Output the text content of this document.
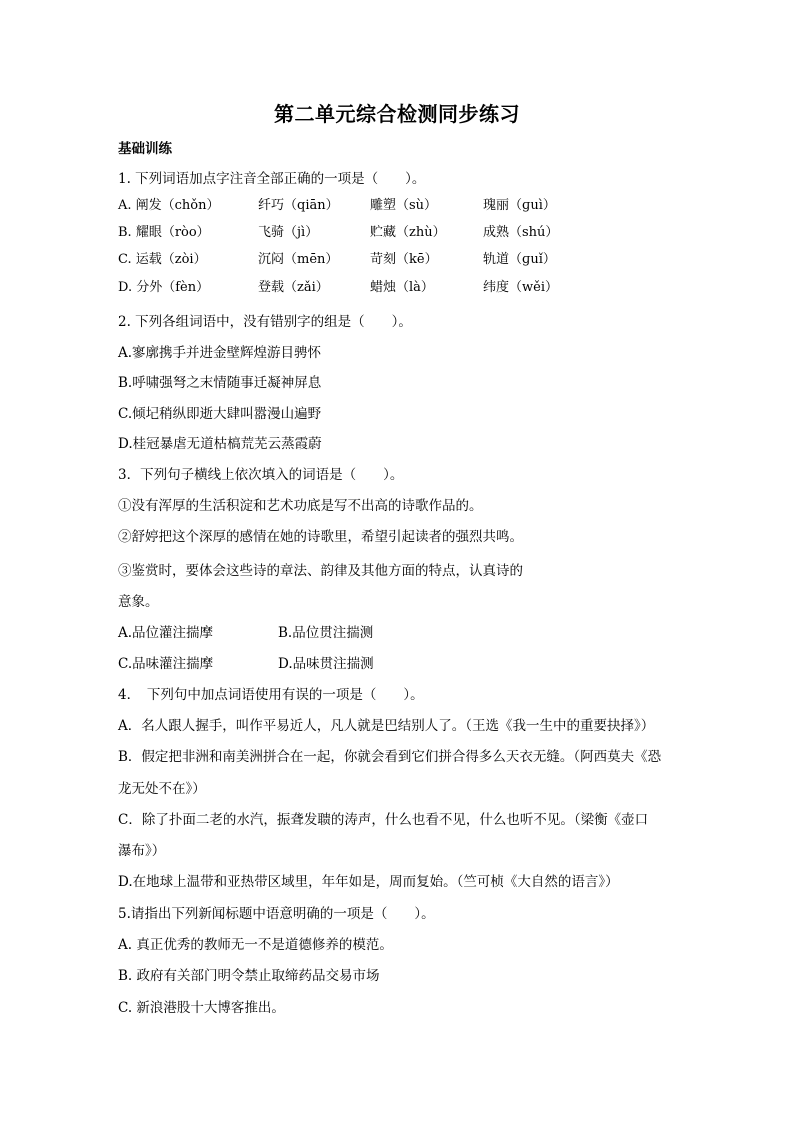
第二单元综合检测同步练习
基础训练
1. 下列词语加点字注音全部正确的一项是（　　）。
A. 阐发（chǒn）	纤巧（qiān） 雕塑（sù）	瑰丽（ɡuì）
B. 耀眼（ròo）	飞骑（jì）	贮藏（zhù）	成熟（shú）
C. 运载（zòi）	沉闷（mēn） 苛刻（kē）	轨道（ɡuǐ）
D. 分外（fèn）	登载（zǎi）	蜡烛（là）	纬度（wěi）
2. 下列各组词语中，没有错别字的组是（　　）。
A.寥廓携手并进金壁辉煌游目骋怀
B.呼啸强弩之末情随事迁凝神屏息
C.倾圮稍纵即逝大肆叫嚣漫山遍野
D.桂冠暴虐无道枯槁荒芜云蒸霞蔚
3．下列句子横线上依次填入的词语是（　　）。
①没有浑厚的生活积淀和艺术功底是写不出高的诗歌作品的。
②舒婷把这个深厚的感情在她的诗歌里，希望引起读者的强烈共鸣。
③鉴赏时，要体会这些诗的章法、韵律及其他方面的特点，认真诗的
意象。
A.品位灌注揣摩	B.品位贯注揣测
C.品味灌注揣摩	D.品味贯注揣测
4．　下列句中加点词语使用有误的一项是（　　）。
A．名人跟人握手，叫作平易近人，凡人就是巴结别人了。（王选《我一生中的重要抉择》）
B．假定把非洲和南美洲拼合在一起，你就会看到它们拼合得多么天衣无缝。（阿西莫夫《恐
龙无处不在》）
C．除了扑面二老的水汽，振聋发聩的涛声，什么也看不见，什么也听不见。（梁衡《壶口
瀑布》）
D.在地球上温带和亚热带区域里，年年如是，周而复始。（竺可桢《大自然的语言》）
5.请指出下列新闻标题中语意明确的一项是（　　）。
A. 真正优秀的教师无一不是道德修养的模范。
B. 政府有关部门明令禁止取缔药品交易市场
C. 新浪港股十大博客推出。
